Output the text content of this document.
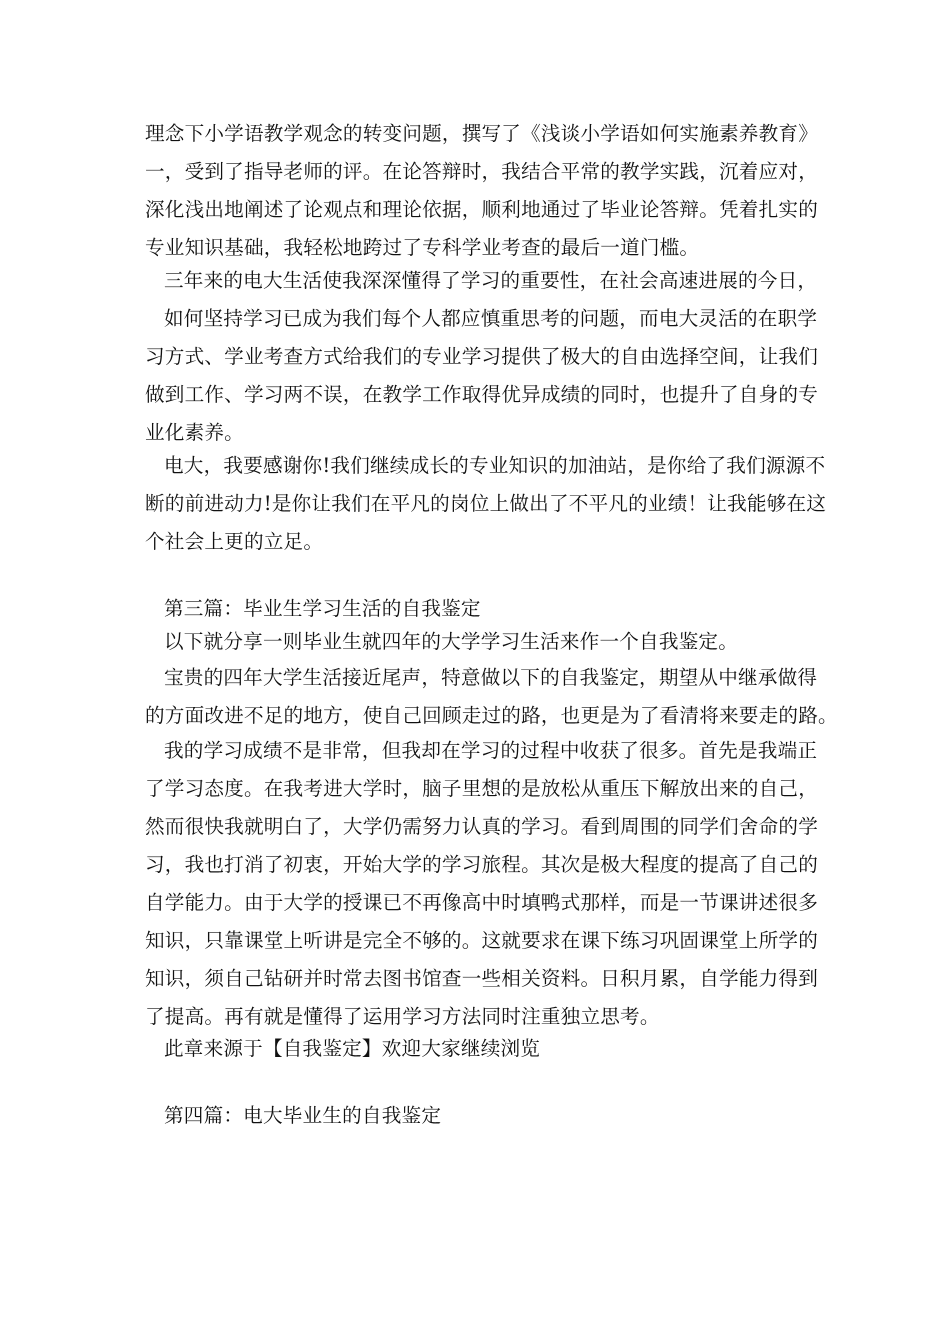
理念下小学语教学观念的转变问题，撰写了《浅谈小学语如何实施素养教育》
一，受到了指导老师的评。在论答辩时，我结合平常的教学实践，沉着应对，
深化浅出地阐述了论观点和理论依据，顺利地通过了毕业论答辩。凭着扎实的
专业知识基础，我轻松地跨过了专科学业考查的最后一道门槛。
三年来的电大生活使我深深懂得了学习的重要性，在社会高速进展的今日，
如何坚持学习已成为我们每个人都应慎重思考的问题，而电大灵活的在职学
习方式、学业考查方式给我们的专业学习提供了极大的自由选择空间，让我们
做到工作、学习两不误，在教学工作取得优异成绩的同时，也提升了自身的专
业化素养。
电大，我要感谢你!我们继续成长的专业知识的加油站，是你给了我们源源不
断的前进动力!是你让我们在平凡的岗位上做出了不平凡的业绩！让我能够在这
个社会上更的立足。
第三篇：毕业生学习生活的自我鉴定
以下就分享一则毕业生就四年的大学学习生活来作一个自我鉴定。
宝贵的四年大学生活接近尾声，特意做以下的自我鉴定，期望从中继承做得
的方面改进不足的地方，使自己回顾走过的路，也更是为了看清将来要走的路。
我的学习成绩不是非常，但我却在学习的过程中收获了很多。首先是我端正
了学习态度。在我考进大学时，脑子里想的是放松从重压下解放出来的自己，
然而很快我就明白了，大学仍需努力认真的学习。看到周围的同学们舍命的学
习，我也打消了初衷，开始大学的学习旅程。其次是极大程度的提高了自己的
自学能力。由于大学的授课已不再像高中时填鸭式那样，而是一节课讲述很多
知识，只靠课堂上听讲是完全不够的。这就要求在课下练习巩固课堂上所学的
知识，须自己钻研并时常去图书馆查一些相关资料。日积月累，自学能力得到
了提高。再有就是懂得了运用学习方法同时注重独立思考。
此章来源于【自我鉴定】欢迎大家继续浏览
第四篇：电大毕业生的自我鉴定
